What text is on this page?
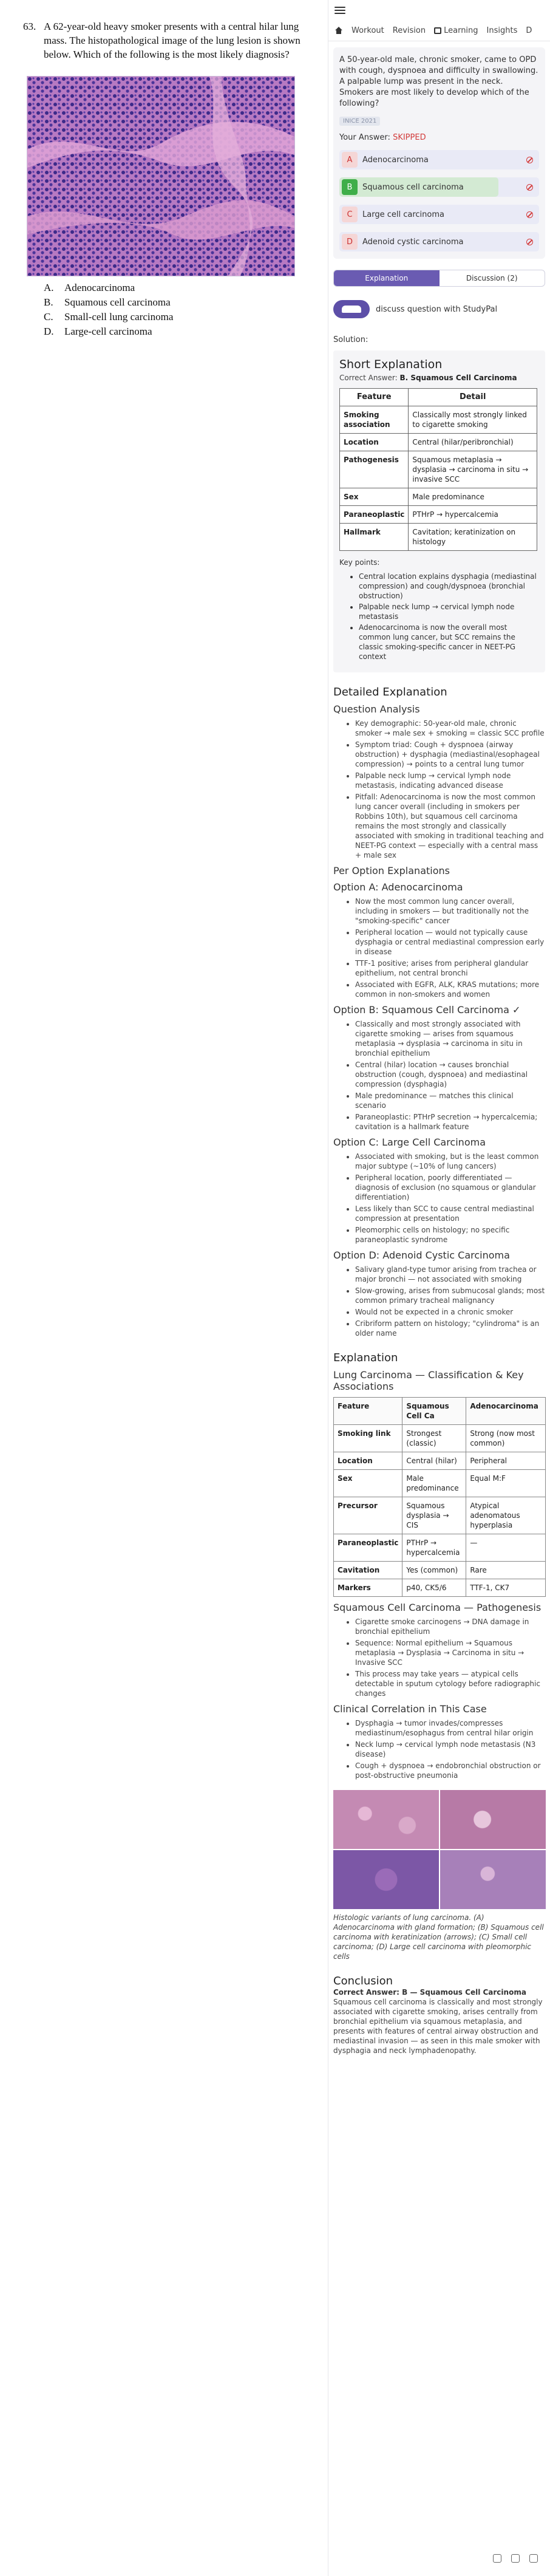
63. A 62-year-old heavy smoker presents with a central hilar lung mass. The histopathological image of the lung lesion is shown below. Which of the following is the most likely diagnosis?
A.	Adenocarcinoma
B.	Squamous cell carcinoma
C.	Small-cell lung carcinoma
D.	Large-cell carcinoma
Workout Revision Learning Insights D

A 50-year-old male, chronic smoker, came to OPD with cough, dyspnoea and difficulty in swallowing. A palpable lump was present in the neck. Smokers are most likely to develop which of the following?

INICE 2021
Your Answer: SKIPPED
A	Adenocarcinoma
B	Squamous cell carcinoma
C	Large cell carcinoma
D	Adenoid cystic carcinoma
Explanation	Discussion (2)
discuss question with StudyPal
Solution:
Short Explanation
Correct Answer: B. Squamous Cell Carcinoma
Feature	Detail
Smoking association	Classically most strongly linked to cigarette smoking
Location	Central (hilar/peribronchial)
Pathogenesis	Squamous metaplasia → dysplasia → carcinoma in situ → invasive SCC
Sex	Male predominance
Paraneoplastic	PTHrP → hypercalcemia
Hallmark	Cavitation; keratinization on histology
Key points:
• Central location explains dysphagia (mediastinal compression) and cough/dyspnoea (bronchial obstruction)
• Palpable neck lump → cervical lymph node metastasis
• Adenocarcinoma is now the overall most common lung cancer, but SCC remains the classic smoking-specific cancer in NEET-PG context
Detailed Explanation
Question Analysis
• Key demographic: 50-year-old male, chronic smoker → male sex + smoking = classic SCC profile
• Symptom triad: Cough + dyspnoea (airway obstruction) + dysphagia (mediastinal/esophageal compression) → points to a central lung tumor
• Palpable neck lump → cervical lymph node metastasis, indicating advanced disease
• Pitfall: Adenocarcinoma is now the most common lung cancer overall (including in smokers per Robbins 10th), but squamous cell carcinoma remains the most strongly and classically associated with smoking in traditional teaching and NEET-PG context — especially with a central mass + male sex
Per Option Explanations
Option A: Adenocarcinoma
• Now the most common lung cancer overall, including in smokers — but traditionally not the "smoking-specific" cancer
• Peripheral location — would not typically cause dysphagia or central mediastinal compression early in disease
• TTF-1 positive; arises from peripheral glandular epithelium, not central bronchi
• Associated with EGFR, ALK, KRAS mutations; more common in non-smokers and women
Option B: Squamous Cell Carcinoma ✓
• Classically and most strongly associated with cigarette smoking — arises from squamous metaplasia → dysplasia → carcinoma in situ in bronchial epithelium
• Central (hilar) location → causes bronchial obstruction (cough, dyspnoea) and mediastinal compression (dysphagia)
• Male predominance — matches this clinical scenario
• Paraneoplastic: PTHrP secretion → hypercalcemia; cavitation is a hallmark feature
Option C: Large Cell Carcinoma
• Associated with smoking, but is the least common major subtype (~10% of lung cancers)
• Peripheral location, poorly differentiated — diagnosis of exclusion (no squamous or glandular differentiation)
• Less likely than SCC to cause central mediastinal compression at presentation
• Pleomorphic cells on histology; no specific paraneoplastic syndrome
Option D: Adenoid Cystic Carcinoma
• Salivary gland-type tumor arising from trachea or major bronchi — not associated with smoking
• Slow-growing, arises from submucosal glands; most common primary tracheal malignancy
• Would not be expected in a chronic smoker
• Cribriform pattern on histology; "cylindroma" is an older name
Explanation
Lung Carcinoma — Classification & Key Associations
Feature	Squamous Cell Ca	Adenocarcinoma
Smoking link	Strongest (classic)	Strong (now most common)
Location	Central (hilar)	Peripheral
Sex	Male predominance	Equal M:F
Precursor	Squamous dysplasia → CIS	Atypical adenomatous hyperplasia
Paraneoplastic	PTHrP → hypercalcemia	—
Cavitation	Yes (common)	Rare
Markers	p40, CK5/6	TTF-1, CK7
Squamous Cell Carcinoma — Pathogenesis
• Cigarette smoke carcinogens → DNA damage in bronchial epithelium
• Sequence: Normal epithelium → Squamous metaplasia → Dysplasia → Carcinoma in situ → Invasive SCC
• This process may take years — atypical cells detectable in sputum cytology before radiographic changes
Clinical Correlation in This Case
• Dysphagia → tumor invades/compresses mediastinum/esophagus from central hilar origin
• Neck lump → cervical lymph node metastasis (N3 disease)
• Cough + dyspnoea → endobronchial obstruction or post-obstructive pneumonia

Histologic variants of lung carcinoma. (A) Adenocarcinoma with gland formation; (B) Squamous cell carcinoma with keratinization (arrows); (C) Small cell carcinoma; (D) Large cell carcinoma with pleomorphic cells

Conclusion

Correct Answer: B — Squamous Cell Carcinoma

Squamous cell carcinoma is classically and most strongly associated with cigarette smoking, arises centrally from bronchial epithelium via squamous metaplasia, and presents with features of central airway obstruction and mediastinal invasion — as seen in this male smoker with dysphagia and neck lymphadenopathy.
